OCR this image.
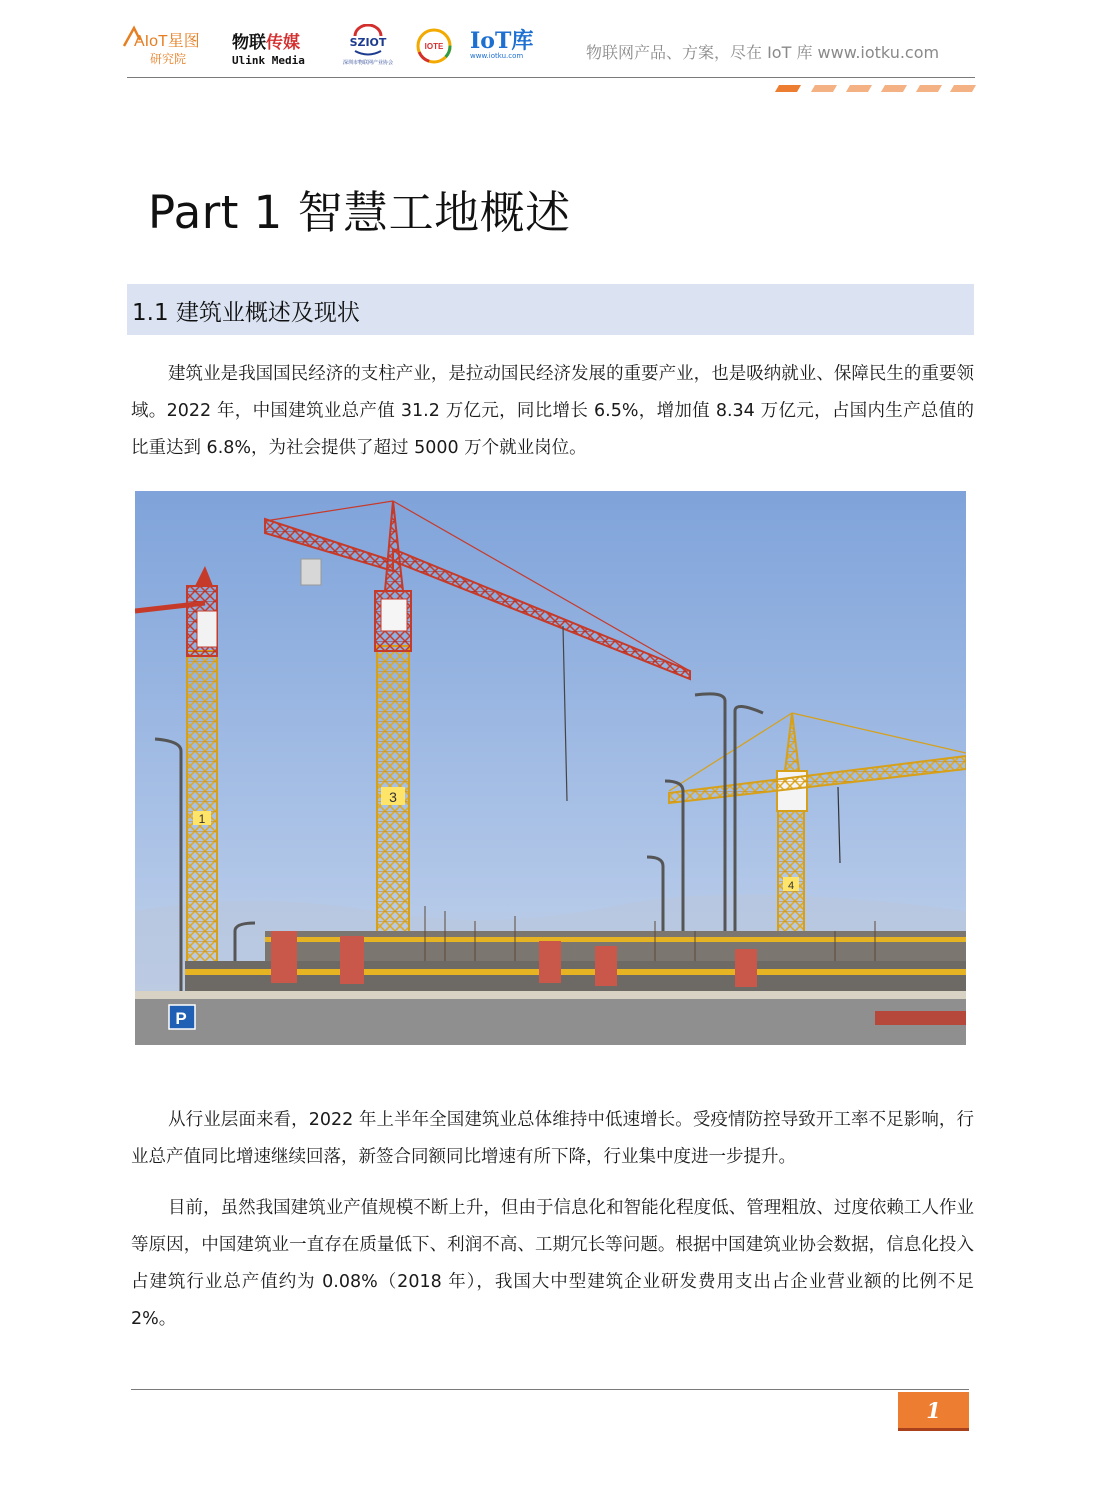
AIoT星图
研究院
物联传媒
Ulink Media
SZIOT
深圳市物联网产业协会
IOTE IoT库
www.iotku.com	物联网产品、方案，尽在 IoT 库 www.iotku.com
Part 1 智慧工地概述
1.1 建筑业概述及现状
建筑业是我国国民经济的支柱产业，是拉动国民经济发展的重要产业，也是吸纳就业、保障民生的重要领域。2022 年，中国建筑业总产值 31.2 万亿元，同比增长 6.5%，增加值 8.34 万亿元，占国内生产总值的比重达到 6.8%，为社会提供了超过 5000 万个就业岗位。
1
3
4
P
从行业层面来看，2022 年上半年全国建筑业总体维持中低速增长。受疫情防控导致开工率不足影响，行业总产值同比增速继续回落，新签合同额同比增速有所下降，行业集中度进一步提升。
目前，虽然我国建筑业产值规模不断上升，但由于信息化和智能化程度低、管理粗放、过度依赖工人作业等原因，中国建筑业一直存在质量低下、利润不高、工期冗长等问题。根据中国建筑业协会数据，信息化投入占建筑行业总产值约为 0.08%（2018 年），我国大中型建筑企业研发费用支出占企业营业额的比例不足 2%。
1
